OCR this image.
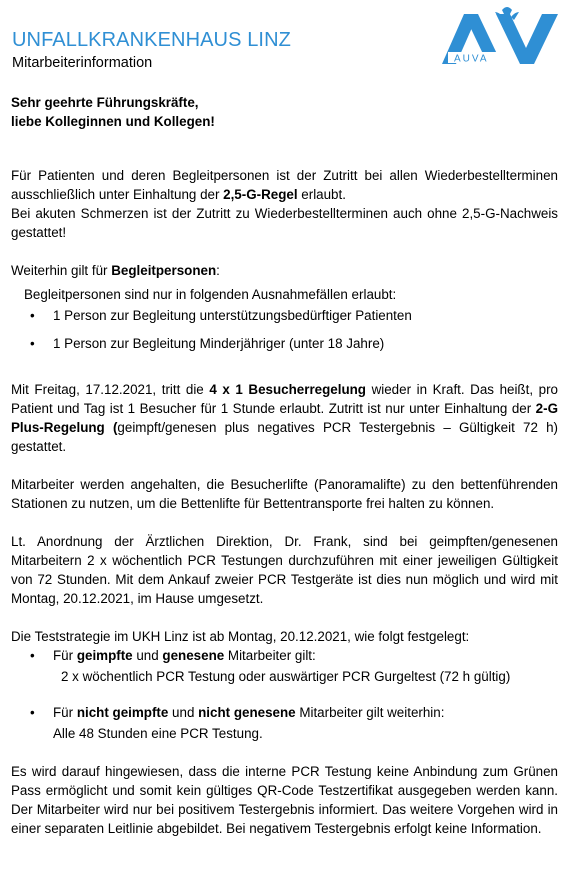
UNFALLKRANKENHAUS LINZ
Mitarbeiterinformation	AUVA

Sehr geehrte Führungskräfte,
liebe Kolleginnen und Kollegen!

Für Patienten und deren Begleitpersonen ist der Zutritt bei allen Wiederbestellterminen ausschließlich unter Einhaltung der 2,5-G-Regel erlaubt.

Bei akuten Schmerzen ist der Zutritt zu Wiederbestellterminen auch ohne 2,5-G-Nachweis gestattet!

Weiterhin gilt für Begleitpersonen:

Begleitpersonen sind nur in folgenden Ausnahmefällen erlaubt:

• 1 Person zur Begleitung unterstützungsbedürftiger Patienten
• 1 Person zur Begleitung Minderjähriger (unter 18 Jahre)

Mit Freitag, 17.12.2021, tritt die 4 x 1 Besucherregelung wieder in Kraft. Das heißt, pro Patient und Tag ist 1 Besucher für 1 Stunde erlaubt. Zutritt ist nur unter Einhaltung der 2-G Plus-Regelung (geimpft/genesen plus negatives PCR Testergebnis – Gültigkeit 72 h) gestattet.

Mitarbeiter werden angehalten, die Besucherlifte (Panoramalifte) zu den bettenführenden Stationen zu nutzen, um die Bettenlifte für Bettentransporte frei halten zu können.

Lt. Anordnung der Ärztlichen Direktion, Dr. Frank, sind bei geimpften/genesenen Mitarbeitern 2 x wöchentlich PCR Testungen durchzuführen mit einer jeweiligen Gültigkeit von 72 Stunden. Mit dem Ankauf zweier PCR Testgeräte ist dies nun möglich und wird mit Montag, 20.12.2021, im Hause umgesetzt.

Die Teststrategie im UKH Linz ist ab Montag, 20.12.2021, wie folgt festgelegt:

• Für geimpfte und genesene Mitarbeiter gilt:

2 x wöchentlich PCR Testung oder auswärtiger PCR Gurgeltest (72 h gültig)

• Für nicht geimpfte und nicht genesene Mitarbeiter gilt weiterhin:

Alle 48 Stunden eine PCR Testung.

Es wird darauf hingewiesen, dass die interne PCR Testung keine Anbindung zum Grünen Pass ermöglicht und somit kein gültiges QR-Code Testzertifikat ausgegeben werden kann. Der Mitarbeiter wird nur bei positivem Testergebnis informiert. Das weitere Vorgehen wird in einer separaten Leitlinie abgebildet. Bei negativem Testergebnis erfolgt keine Information.
